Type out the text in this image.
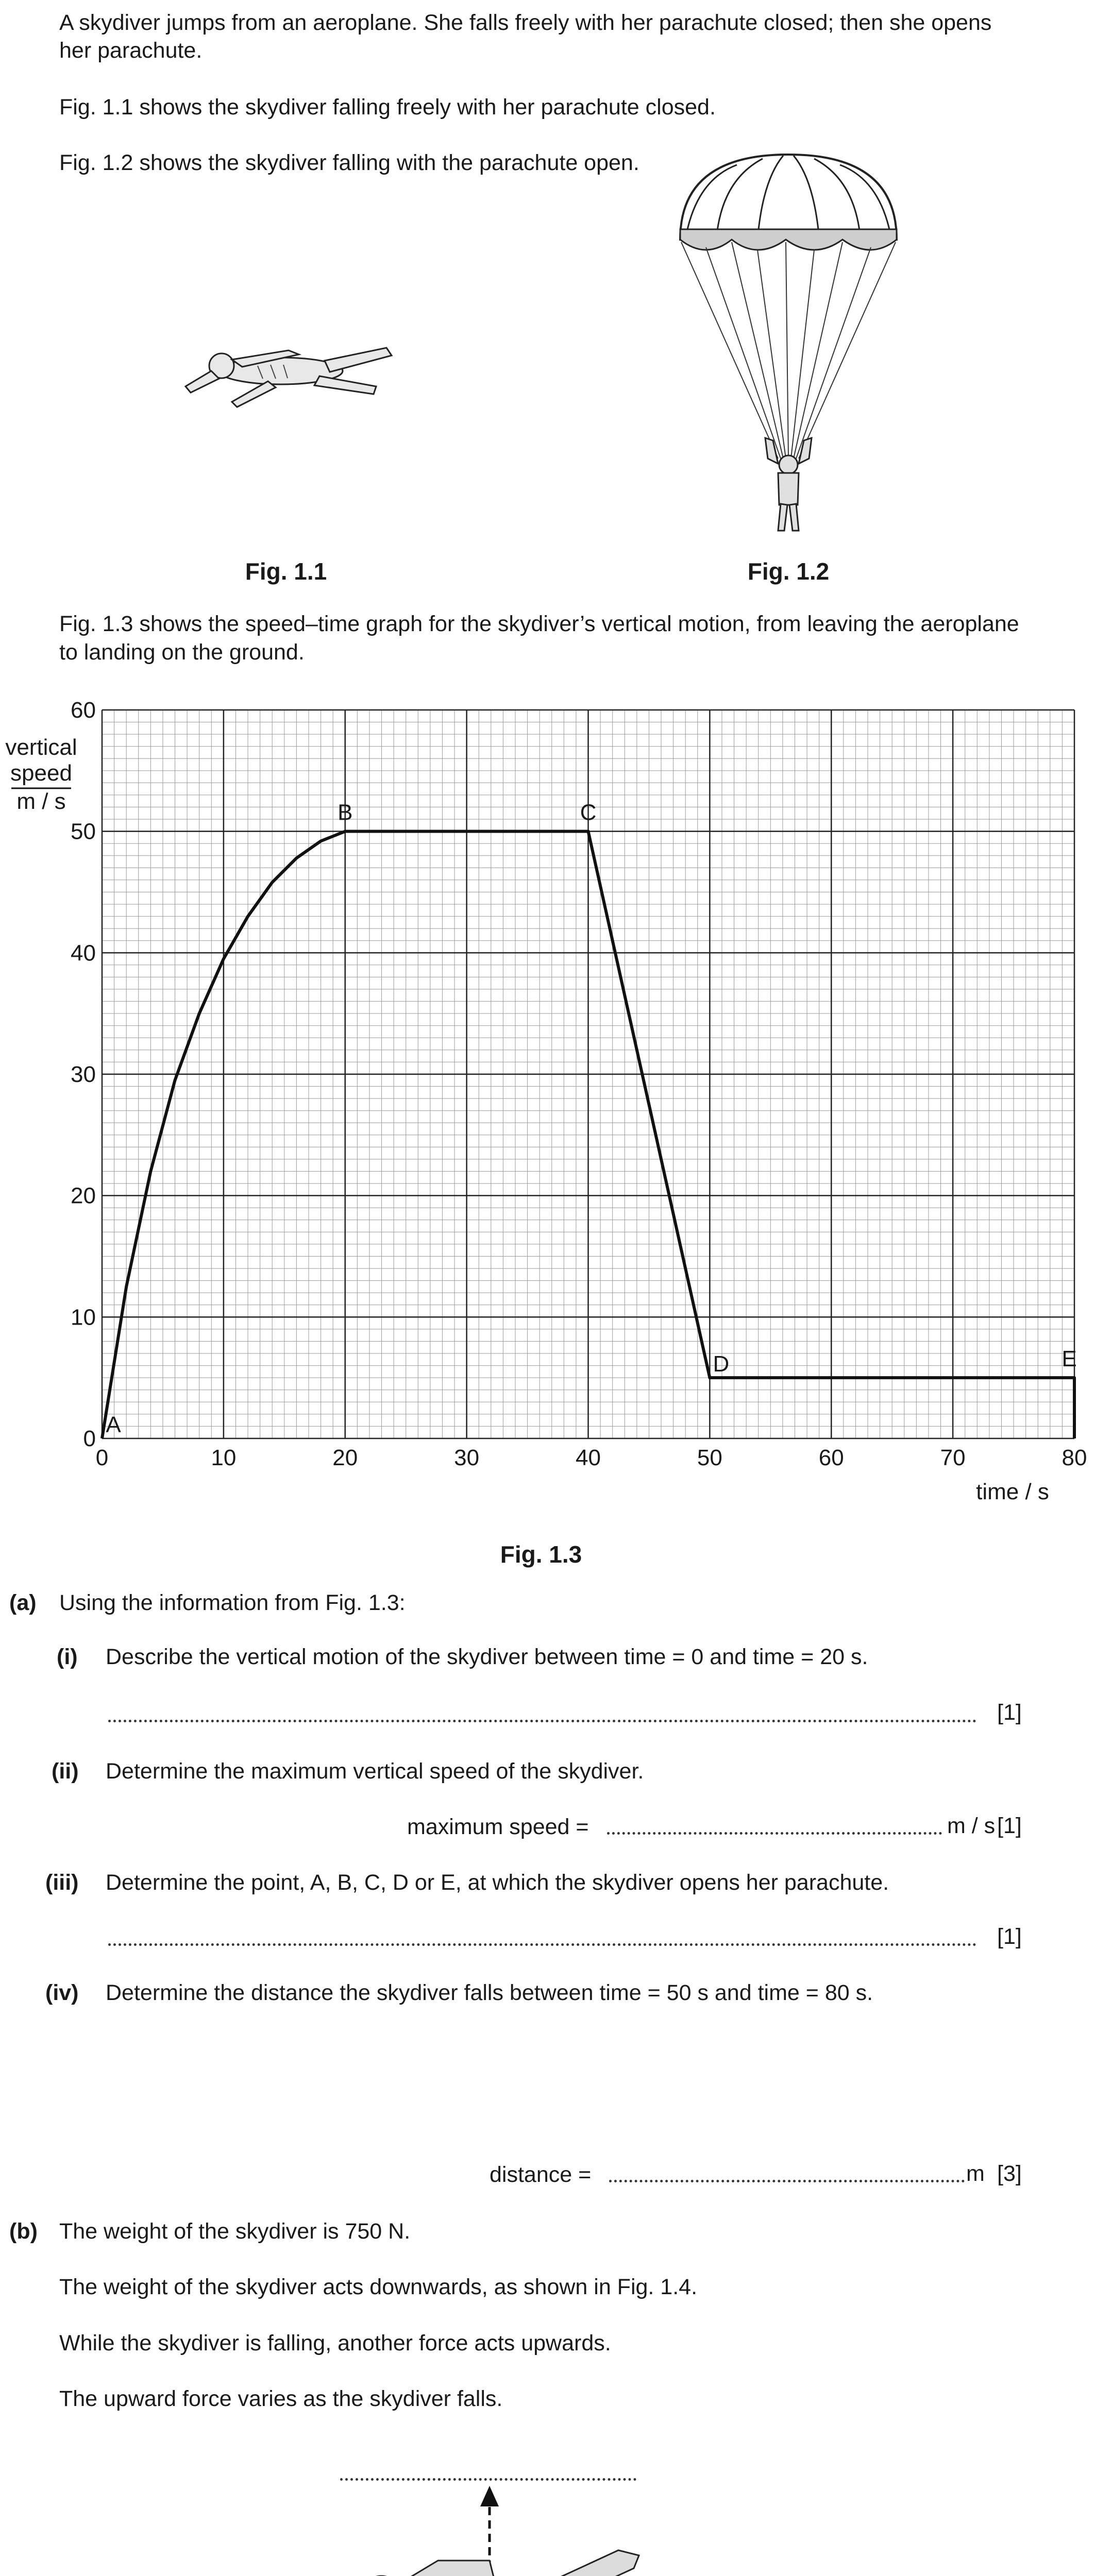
A skydiver jumps from an aeroplane. She falls freely with her parachute closed; then she opens
her parachute.
Fig. 1.1 shows the skydiver falling freely with her parachute closed.
Fig. 1.2 shows the skydiver falling with the parachute open.
Fig. 1.1	Fig. 1.2
Fig. 1.3 shows the speed–time graph for the skydiver’s vertical motion, from leaving the aeroplane
to landing on the ground.
0	10	20	30	40	50	60	70	80
0
10
20
30
40
50
60
vertical
speed
m / s
A
B	C
D	E
time / s
Fig. 1.3
(a) Using the information from Fig. 1.3:
(i) Describe the vertical motion of the skydiver between time = 0 and time = 20 s.
[1]
(ii) Determine the maximum vertical speed of the skydiver.
maximum speed =	m / s [1]
(iii) Determine the point, A, B, C, D or E, at which the skydiver opens her parachute.
[1]
(iv) Determine the distance the skydiver falls between time = 50 s and time = 80 s.
distance =	m [3]
(b) The weight of the skydiver is 750 N.
The weight of the skydiver acts downwards, as shown in Fig. 1.4.
While the skydiver is falling, another force acts upwards.
The upward force varies as the skydiver falls.
